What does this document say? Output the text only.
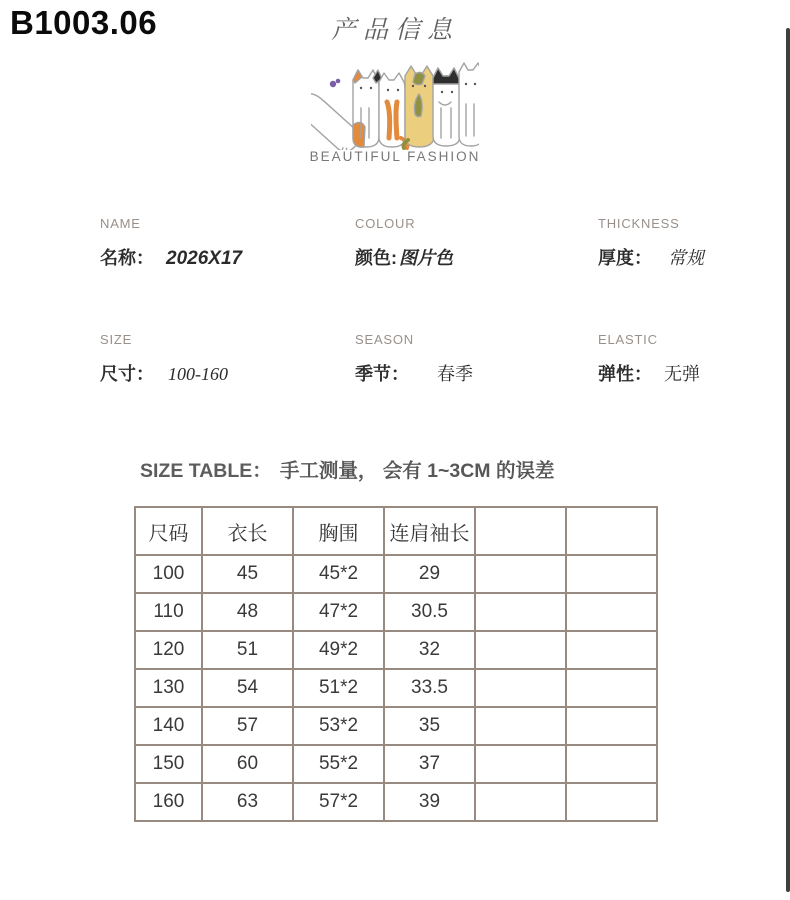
B1003.06	产品信息
BEAUTIFUL FASHION
NAME
名称： 2026X17
COLOUR
颜色: 图片色
THICKNESS
厚度： 常规
SIZE
尺寸： 100-160
SEASON
季节： 春季
ELASTIC
弹性： 无弹
SIZE TABLE： 手工测量， 会有 1~3CM 的误差
尺码	衣长	胸围	连肩袖长		
100	45	45*2	29		
110	48	47*2	30.5		
120	51	49*2	32		
130	54	51*2	33.5		
140	57	53*2	35		
150	60	55*2	37		
160	63	57*2	39		
